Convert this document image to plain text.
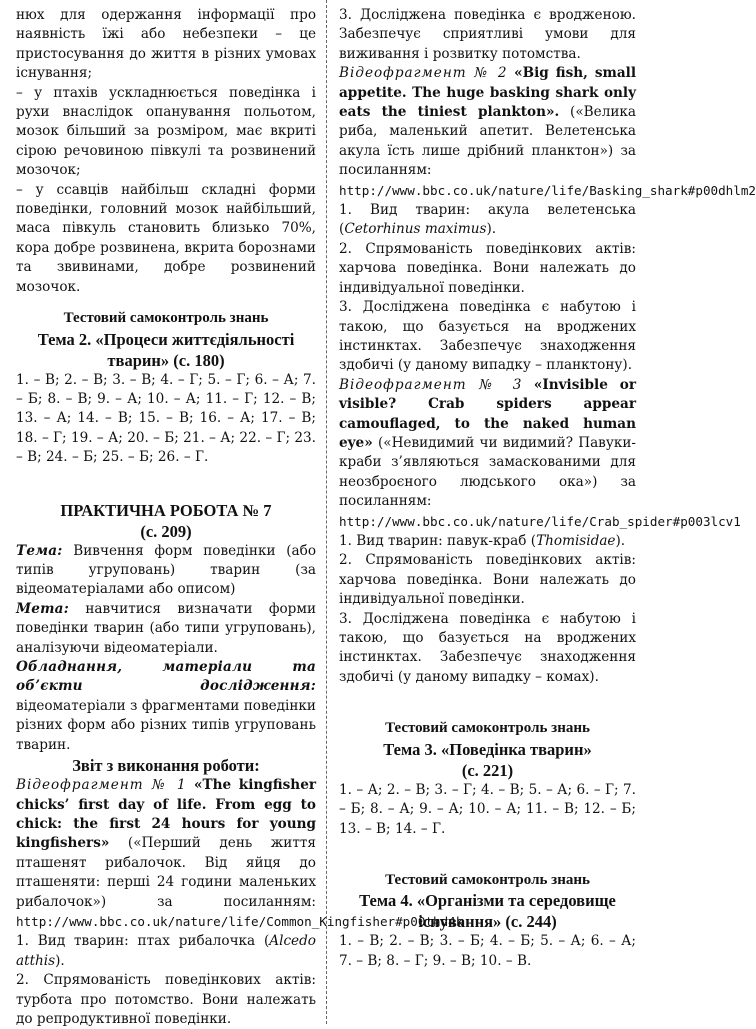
нюх для одержання інформації про наявність їжі або небезпеки – це пристосування до життя в різних умовах існування;

– у птахів ускладнюється поведінка і рухи внаслідок опанування польотом, мозок більший за розміром, має вкриті сірою речовиною півкулі та розвинений мозочок;

– у ссавців найбільш складні форми поведінки, головний мозок найбільший, маса півкуль становить близько 70%, кора добре розвинена, вкрита борознами та звивинами, добре розвинений мозочок.

Тестовий самоконтроль знань
Тема 2. «Процеси життєдіяльності тварин» (с. 180)

1. – В; 2. – В; 3. – В; 4. – Г; 5. – Г; 6. – А; 7. – Б; 8. – В; 9. – А; 10. – А; 11. – Г; 12. – В; 13. – А; 14. – В; 15. – В; 16. – А; 17. – В; 18. – Г; 19. – А; 20. – Б; 21. – А; 22. – Г; 23. – В; 24. – Б; 25. – Б; 26. – Г.

ПРАКТИЧНА РОБОТА № 7
(с. 209)

Тема: Вивчення форм поведінки (або типів угруповань) тварин (за відеоматеріалами або описом)

Мета: навчитися визначати форми поведінки тварин (або типи угруповань), аналізуючи відеоматеріали.

Обладнання, матеріали та об’єкти дослідження: відеоматеріали з фрагментами поведінки різних форм або різних типів угруповань тварин.

Звіт з виконання роботи:

Відеофрагмент № 1 «The kingfisher chicks’ first day of life. From egg to chick: the first 24 hours for young kingfishers» («Перший день життя пташенят рибалочок. Від яйця до пташеняти: перші 24 години маленьких рибалочок») за посиланням: http://www.bbc.co.uk/nature/life/Common_Kingfisher#p00thd4k

1. Вид тварин: птах рибалочка (Alcedo atthis).

2. Спрямованість поведінкових актів: турбота про потомство. Вони належать до репродуктивної поведінки.

3. Досліджена поведінка є вродженою. Забезпечує сприятливі умови для виживання і розвитку потомства.

Відеофрагмент № 2 «Big fish, small appetite. The huge basking shark only eats the tiniest plankton». («Велика риба, маленький апетит. Велетенська акула їсть лише дрібний планктон») за посиланням: http://www.bbc.co.uk/nature/life/Basking_shark#p00dhlm2

1. Вид тварин: акула велетенська (Cetorhinus maximus).

2. Спрямованість поведінкових актів: харчова поведінка. Вони належать до індивідуальної поведінки.

3. Досліджена поведінка є набутою і такою, що базується на вроджених інстинктах. Забезпечує знаходження здобичі (у даному випадку – планктону).

Відеофрагмент № 3 «Invisible or visible? Crab spiders appear camouflaged, to the naked human eye» («Невидимий чи видимий? Павуки-краби з’являються замаскованими для неозброєного людського ока») за посиланням: http://www.bbc.co.uk/nature/life/Crab_spider#p003lcv1

1. Вид тварин: павук-краб (Thomisidae).

2. Спрямованість поведінкових актів: харчова поведінка. Вони належать до індивідуальної поведінки.

3. Досліджена поведінка є набутою і такою, що базується на вроджених інстинктах. Забезпечує знаходження здобичі (у даному випадку – комах).

Тестовий самоконтроль знань
Тема 3. «Поведінка тварин»
(с. 221)

1. – А; 2. – В; 3. – Г; 4. – В; 5. – А; 6. – Г; 7. – Б; 8. – А; 9. – А; 10. – А; 11. – В; 12. – Б; 13. – В; 14. – Г.

Тестовий самоконтроль знань
Тема 4. «Організми та середовище існування» (с. 244)

1. – В; 2. – В; 3. – Б; 4. – Б; 5. – А; 6. – А; 7. – В; 8. – Г; 9. – В; 10. – В.
